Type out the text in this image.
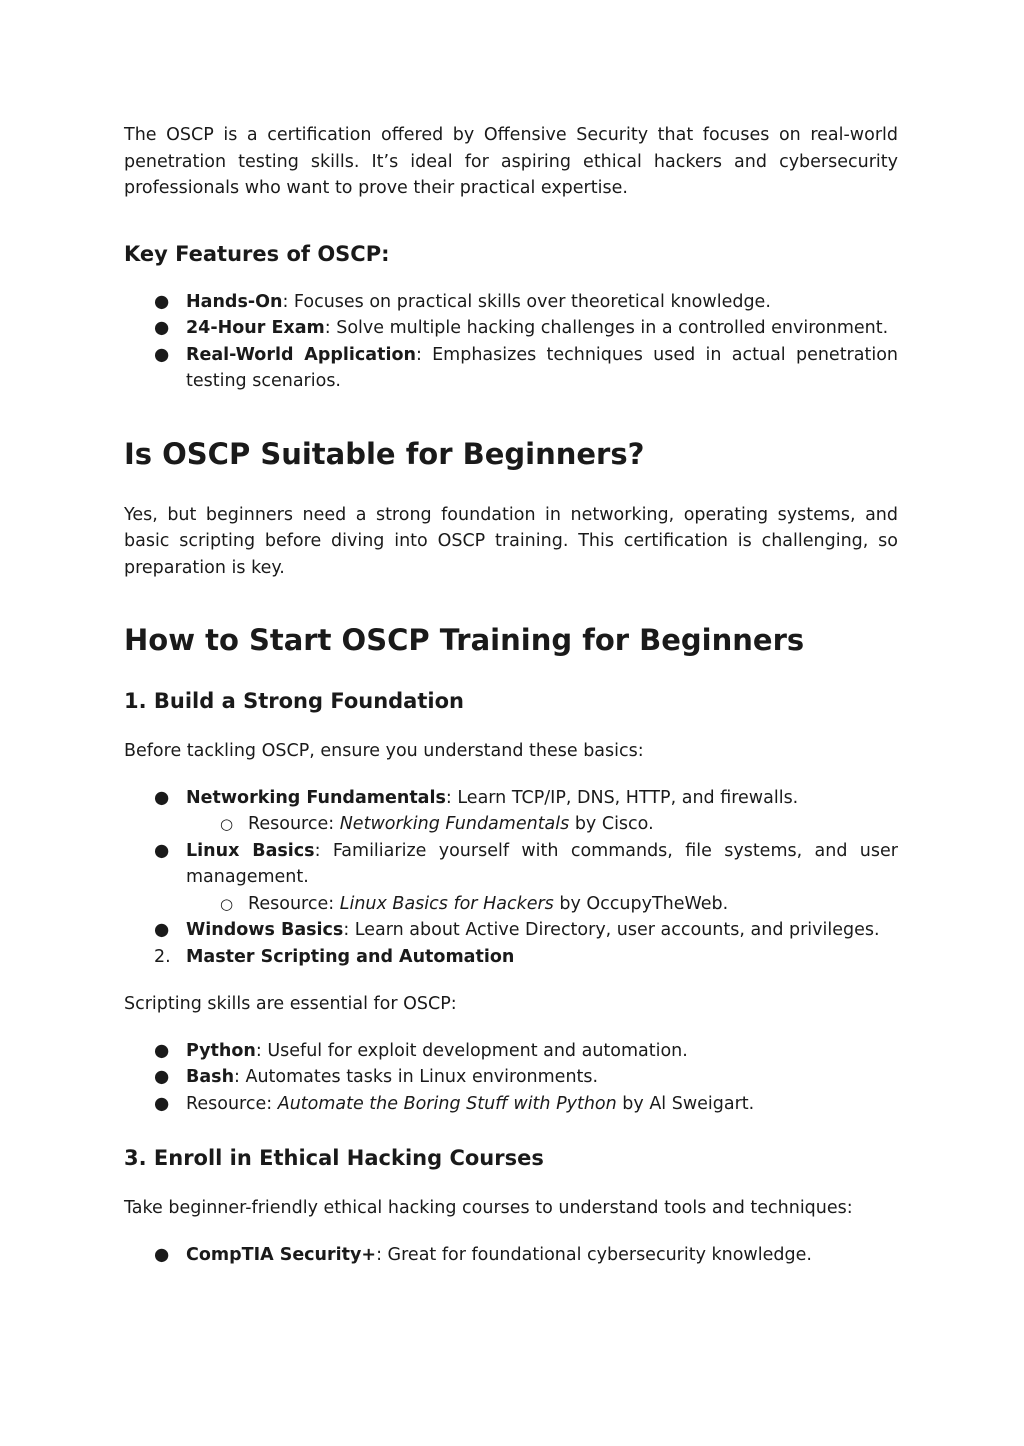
The OSCP is a certification offered by Offensive Security that focuses on real-world penetration testing skills. It’s ideal for aspiring ethical hackers and cybersecurity professionals who want to prove their practical expertise.

Key Features of OSCP:
● Hands-On: Focuses on practical skills over theoretical knowledge.
● 24-Hour Exam: Solve multiple hacking challenges in a controlled environment.
● Real-World Application: Emphasizes techniques used in actual penetration testing scenarios.
Is OSCP Suitable for Beginners?

Yes, but beginners need a strong foundation in networking, operating systems, and basic scripting before diving into OSCP training. This certification is challenging, so preparation is key.

How to Start OSCP Training for Beginners
1. Build a Strong Foundation

Before tackling OSCP, ensure you understand these basics:

● Networking Fundamentals: Learn TCP/IP, DNS, HTTP, and firewalls.
○ Resource: Networking Fundamentals by Cisco.
● Linux Basics: Familiarize yourself with commands, file systems, and user management.
○ Resource: Linux Basics for Hackers by OccupyTheWeb.
● Windows Basics: Learn about Active Directory, user accounts, and privileges.
2. Master Scripting and Automation

Scripting skills are essential for OSCP:

● Python: Useful for exploit development and automation.
● Bash: Automates tasks in Linux environments.
● Resource: Automate the Boring Stuff with Python by Al Sweigart.
3. Enroll in Ethical Hacking Courses

Take beginner-friendly ethical hacking courses to understand tools and techniques:

● CompTIA Security+: Great for foundational cybersecurity knowledge.
